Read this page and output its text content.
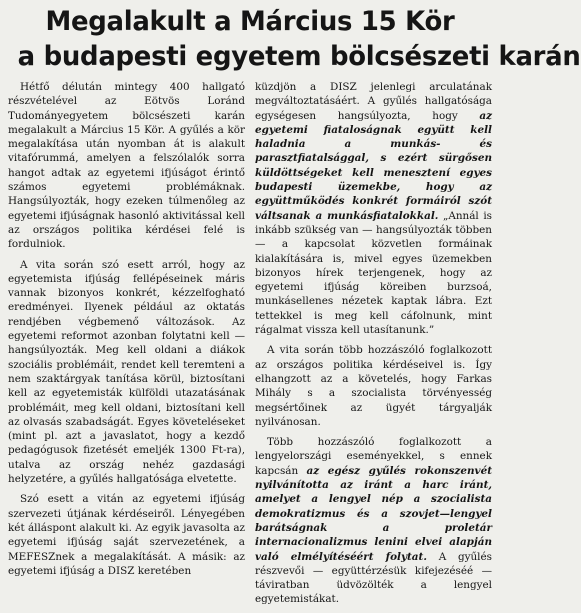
Megalakult a Március 15 Kör
a budapesti egyetem bölcsészeti karán

Hétfő délután mintegy 400 hallgató részvételével az Eötvös Loránd Tudományegyetem bölcsészeti karán megalakult a Március 15 Kör. A gyűlés a kör megalakítása után nyomban át is alakult vitafórummá, amelyen a felszólalók sorra hangot adtak az egyetemi ifjúságot érintő számos egyetemi problémáknak. Hangsúlyozták, hogy ezeken túlmenőleg az egyetemi ifjúságnak hasonló aktivitással kell az országos politika kérdései felé is fordulniok.

A vita során szó esett arról, hogy az egyetemista ifjúság fellépéseinek máris vannak bizonyos konkrét, kézzelfogható eredményei. Ilyenek például az oktatás rendjében végbemenő változások. Az egyetemi reformot azonban folytatni kell — hangsúlyozták. Meg kell oldani a diákok szociális problémáit, rendet kell teremteni a nem szaktárgyak tanítása körül, biztosítani kell az egyetemisták külföldi utazatásának problémáit, meg kell oldani, biztosítani kell az olvasás szabadságát. Egyes követeléseket (mint pl. azt a javaslatot, hogy a kezdő pedagógusok fizetését emeljék 1300 Ft-ra), utalva az ország nehéz gazdasági helyzetére, a gyűlés hallgatósága elvetette.

Szó esett a vitán az egyetemi ifjúság szervezeti útjának kérdéseiről. Lényegében két álláspont alakult ki. Az egyik javasolta az egyetemi ifjúság saját szervezetének, a MEFESZnek a megalakítását. A másik: az egyetemi ifjúság a DISZ keretében

küzdjön a DISZ jelenlegi arculatának megváltoztatásáért. A gyűlés hallgatósága egységesen hangsúlyozta, hogy az egyetemi fiataloságnak együtt kell haladnia a munkás- és parasztfiatalsággal, s ezért sürgősen küldöttségeket kell menesztení egyes budapesti üzemekbe, hogy az együttműködés konkrét formáiról szót váltsanak a munkásfiatalokkal. „Annál is inkább szükség van — hangsúlyozták többen — a kapcsolat közvetlen formáinak kialakítására is, mivel egyes üzemekben bizonyos hírek terjengenek, hogy az egyetemi ifjúság köreiben burzsoá, munkásellenes nézetek kaptak lábra. Ezt tettekkel is meg kell cáfolnunk, mint rágalmat vissza kell utasítanunk.”

A vita során több hozzászóló foglalkozott az országos politika kérdéseivel is. Így elhangzott az a követelés, hogy Farkas Mihály s a szocialista törvényesség megsértőinek az ügyét tárgyalják nyilvánosan.

Több hozzászóló foglalkozott a lengyelországi eseményekkel, s ennek kapcsán az egész gyűlés rokonszenvét nyilvánította az iránt a harc iránt, amelyet a lengyel nép a szocialista demokratizmus és a szovjet—lengyel barátságnak a proletár internacionalizmus lenini elvei alapján való elmélyítéséért folytat. A gyűlés részvevői — együttérzésük kifejezéséé — táviratban üdvözölték a lengyel egyetemistákat.
